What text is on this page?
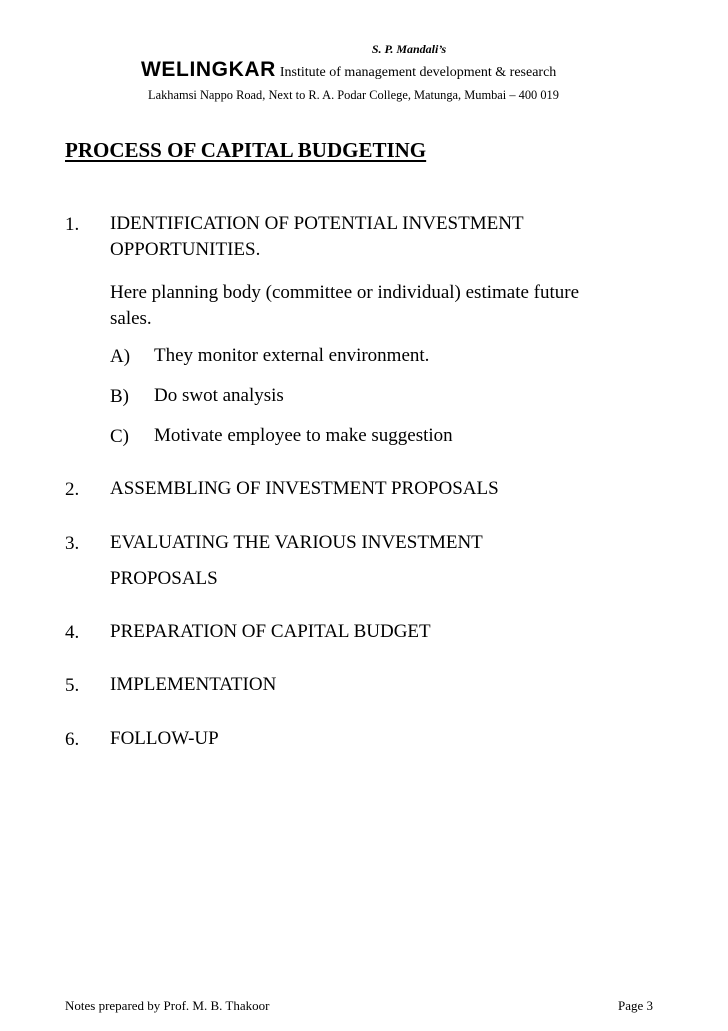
S. P. Mandali’s
WELINGKAR Institute of management development & research
Lakhamsi Nappo Road, Next to R. A. Podar College, Matunga, Mumbai – 400 019
PROCESS OF CAPITAL BUDGETING
1. IDENTIFICATION OF POTENTIAL INVESTMENT
OPPORTUNITIES.
Here planning body (committee or individual) estimate future
sales.
A) They monitor external environment.
B) Do swot analysis
C) Motivate employee to make suggestion
2. ASSEMBLING OF INVESTMENT PROPOSALS
3. EVALUATING THE VARIOUS INVESTMENT
PROPOSALS
4. PREPARATION OF CAPITAL BUDGET
5. IMPLEMENTATION
6. FOLLOW-UP
Notes prepared by Prof. M. B. Thakoor	Page 3
